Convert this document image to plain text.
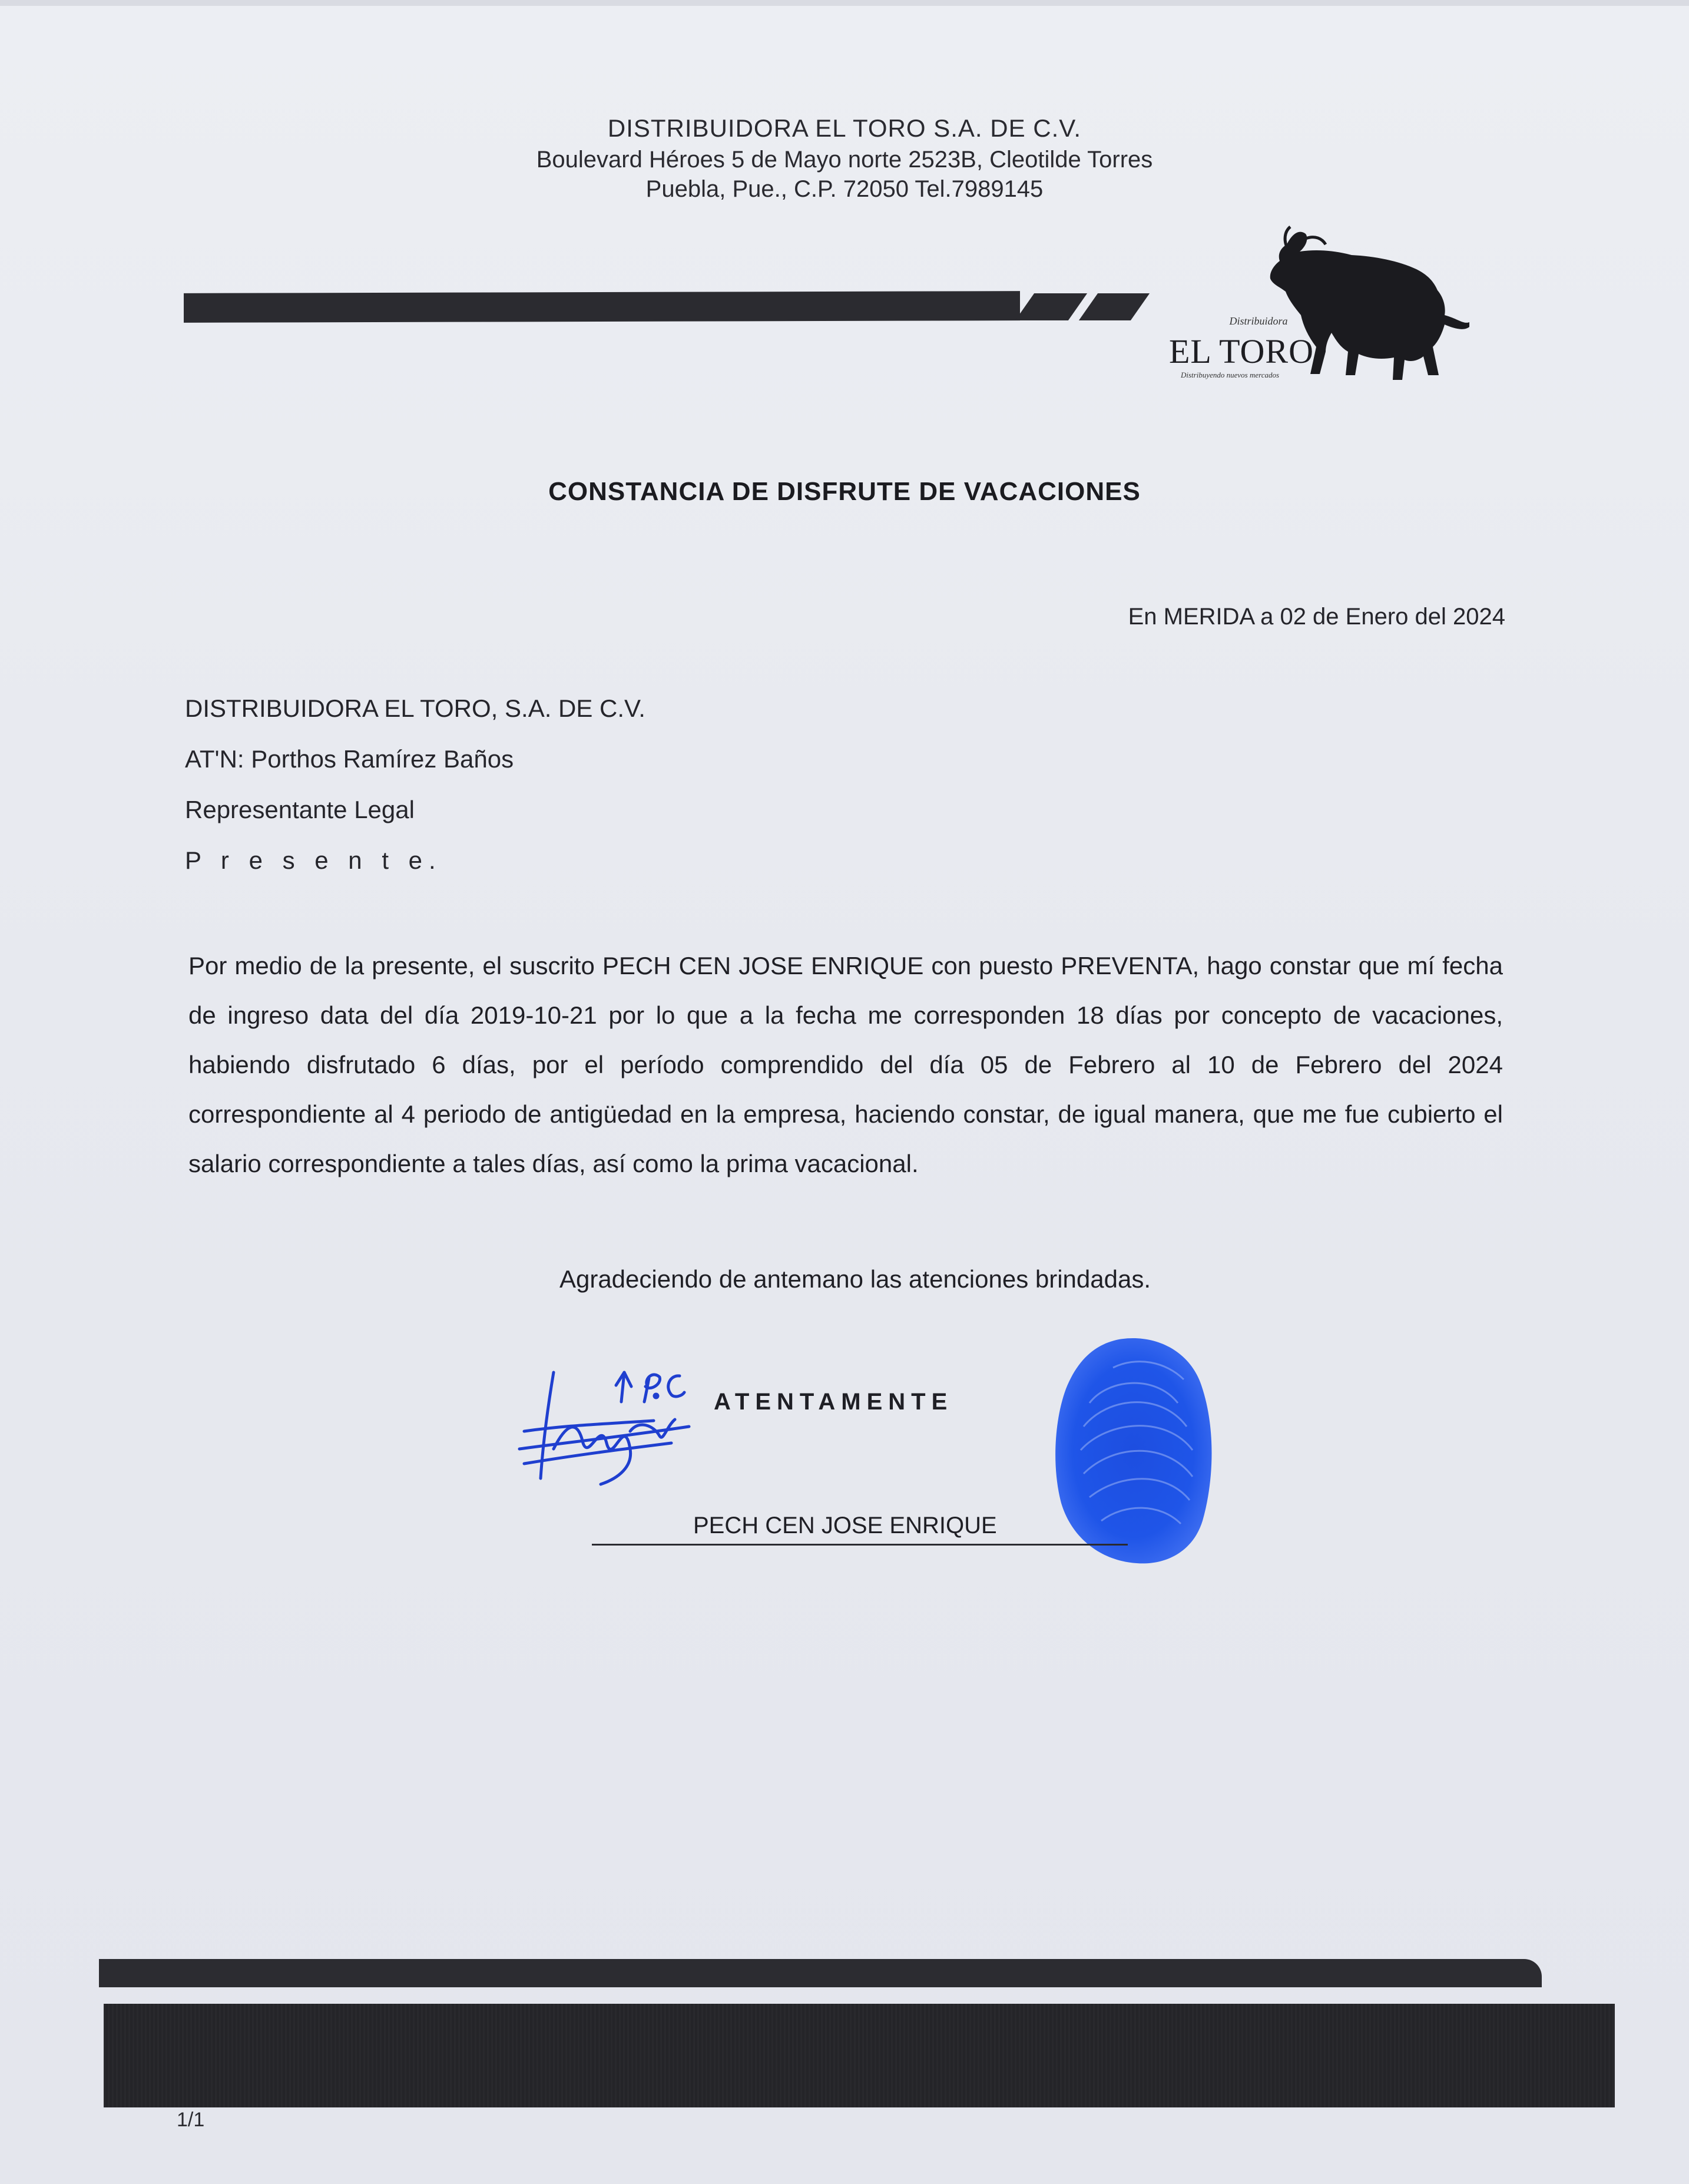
DISTRIBUIDORA EL TORO S.A. DE C.V.
Boulevard Héroes 5 de Mayo norte 2523B, Cleotilde Torres
Puebla, Pue., C.P. 72050 Tel.7989145
Distribuidora
EL TORO
Distribuyendo nuevos mercados
CONSTANCIA DE DISFRUTE DE VACACIONES
En MERIDA a 02 de Enero del 2024
DISTRIBUIDORA EL TORO, S.A. DE C.V.
AT'N: Porthos Ramírez Baños
Representante Legal
P r e s e n t e.
Por medio de la presente, el suscrito PECH CEN JOSE ENRIQUE con puesto PREVENTA, hago constar que mí fecha de ingreso data del día 2019-10-21 por lo que a la fecha me corresponden 18 días por concepto de vacaciones, habiendo disfrutado 6 días, por el período comprendido del día 05 de Febrero al 10 de Febrero del 2024 correspondiente al 4 periodo de antigüedad en la empresa, haciendo constar, de igual manera, que me fue cubierto el salario correspondiente a tales días, así como la prima vacacional.
Agradeciendo de antemano las atenciones brindadas.
ATENTAMENTE
PECH CEN JOSE ENRIQUE
1/1
